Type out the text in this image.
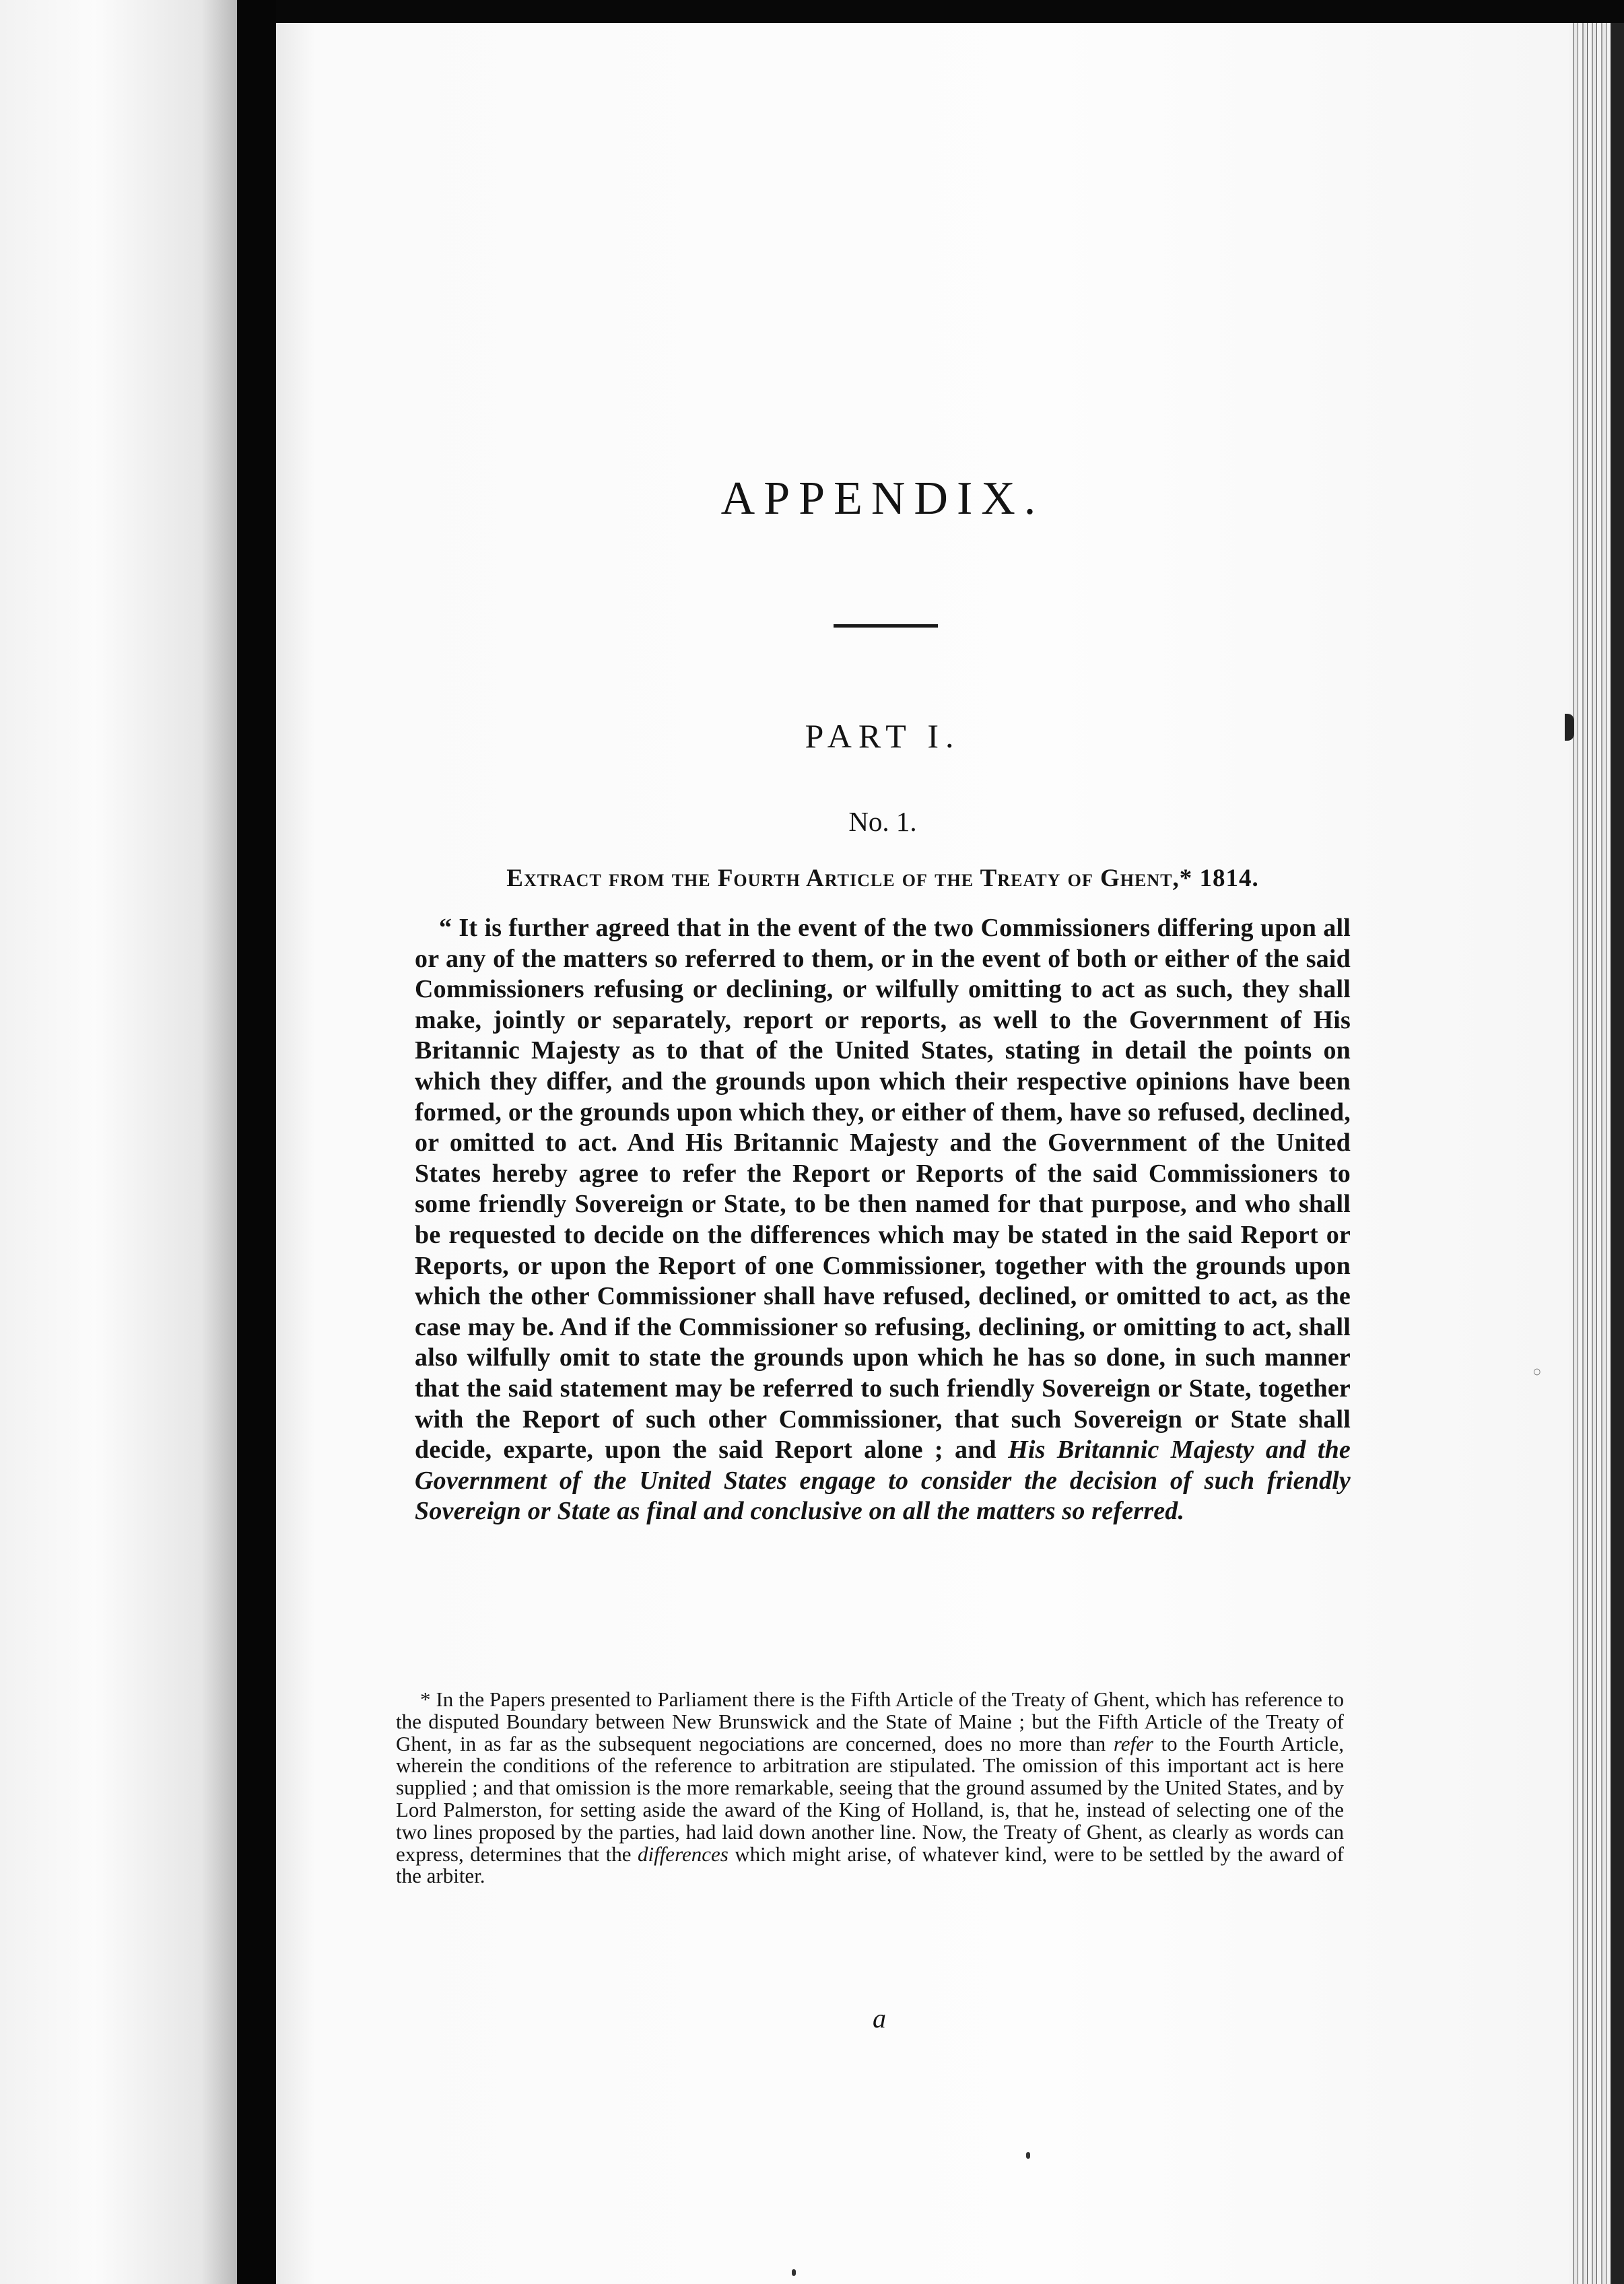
APPENDIX.
PART I.
No. 1.
Extract from the Fourth Article of the Treaty of Ghent,* 1814.

“ It is further agreed that in the event of the two Commissioners differing upon all or any of the matters so referred to them, or in the event of both or either of the said Commissioners refusing or declining, or wilfully omitting to act as such, they shall make, jointly or separately, report or reports, as well to the Government of His Britannic Majesty as to that of the United States, stating in detail the points on which they differ, and the grounds upon which their respective opinions have been formed, or the grounds upon which they, or either of them, have so refused, declined, or omitted to act. And His Britannic Majesty and the Government of the United States hereby agree to refer the Report or Reports of the said Commissioners to some friendly Sovereign or State, to be then named for that purpose, and who shall be requested to decide on the differences which may be stated in the said Report or Reports, or upon the Report of one Commissioner, together with the grounds upon which the other Commissioner shall have refused, declined, or omitted to act, as the case may be. And if the Commissioner so refusing, declining, or omitting to act, shall also wilfully omit to state the grounds upon which he has so done, in such manner that the said statement may be referred to such friendly Sovereign or State, together with the Report of such other Commissioner, that such Sovereign or State shall decide, exparte, upon the said Report alone ; and His Britannic Majesty and the Government of the United States engage to consider the decision of such friendly Sovereign or State as final and conclusive on all the matters so referred.

* In the Papers presented to Parliament there is the Fifth Article of the Treaty of Ghent, which has reference to the disputed Boundary between New Brunswick and the State of Maine ; but the Fifth Article of the Treaty of Ghent, in as far as the subsequent negociations are concerned, does no more than refer to the Fourth Article, wherein the conditions of the reference to arbitration are stipulated. The omission of this important act is here supplied ; and that omission is the more remarkable, seeing that the ground assumed by the United States, and by Lord Palmerston, for setting aside the award of the King of Holland, is, that he, instead of selecting one of the two lines proposed by the parties, had laid down another line. Now, the Treaty of Ghent, as clearly as words can express, determines that the differences which might arise, of whatever kind, were to be settled by the award of the arbiter.

a
○
